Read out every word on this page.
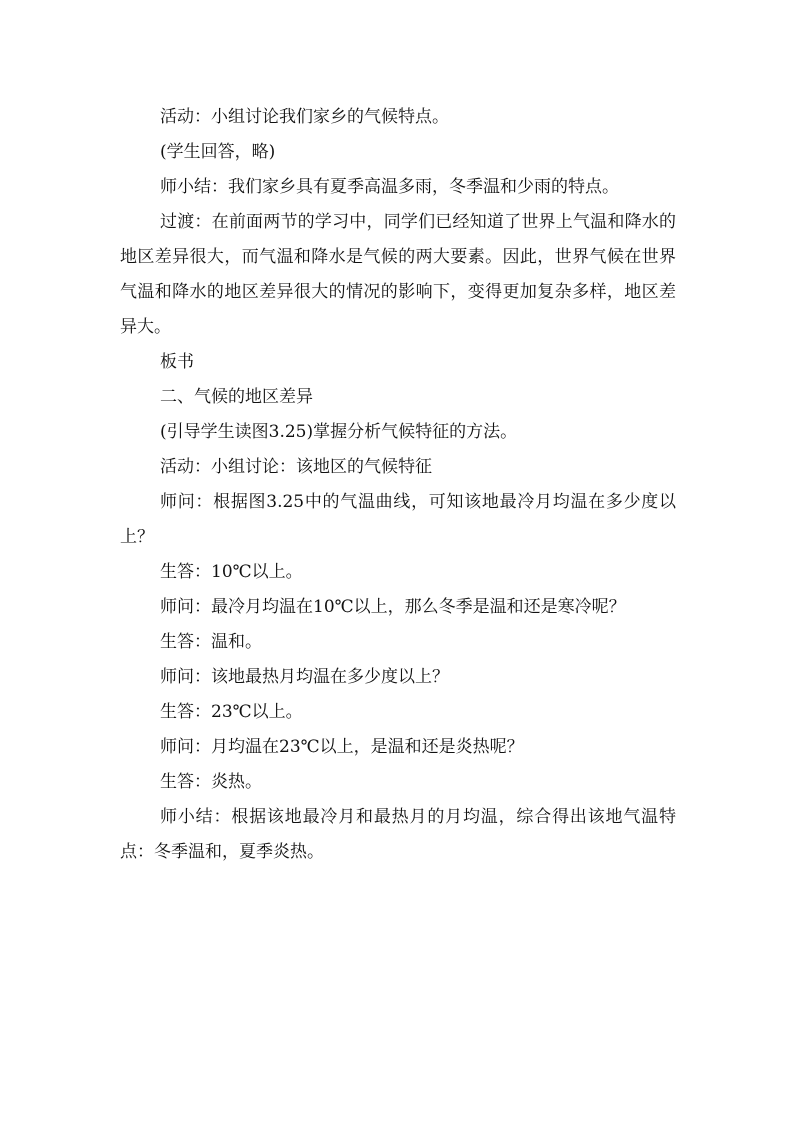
活动：小组讨论我们家乡的气候特点。

(学生回答，略)

师小结：我们家乡具有夏季高温多雨，冬季温和少雨的特点。

过渡：在前面两节的学习中，同学们已经知道了世界上气温和降水的地区差异很大，而气温和降水是气候的两大要素。因此，世界气候在世界气温和降水的地区差异很大的情况的影响下，变得更加复杂多样，地区差异大。

板书

二、气候的地区差异

(引导学生读图3.25)掌握分析气候特征的方法。

活动：小组讨论：该地区的气候特征

师问：根据图3.25中的气温曲线，可知该地最冷月均温在多少度以上？

生答：10℃以上。

师问：最冷月均温在10℃以上，那么冬季是温和还是寒冷呢？

生答：温和。

师问：该地最热月均温在多少度以上？

生答：23℃以上。

师问：月均温在23℃以上，是温和还是炎热呢？

生答：炎热。

师小结：根据该地最冷月和最热月的月均温，综合得出该地气温特点：冬季温和，夏季炎热。
